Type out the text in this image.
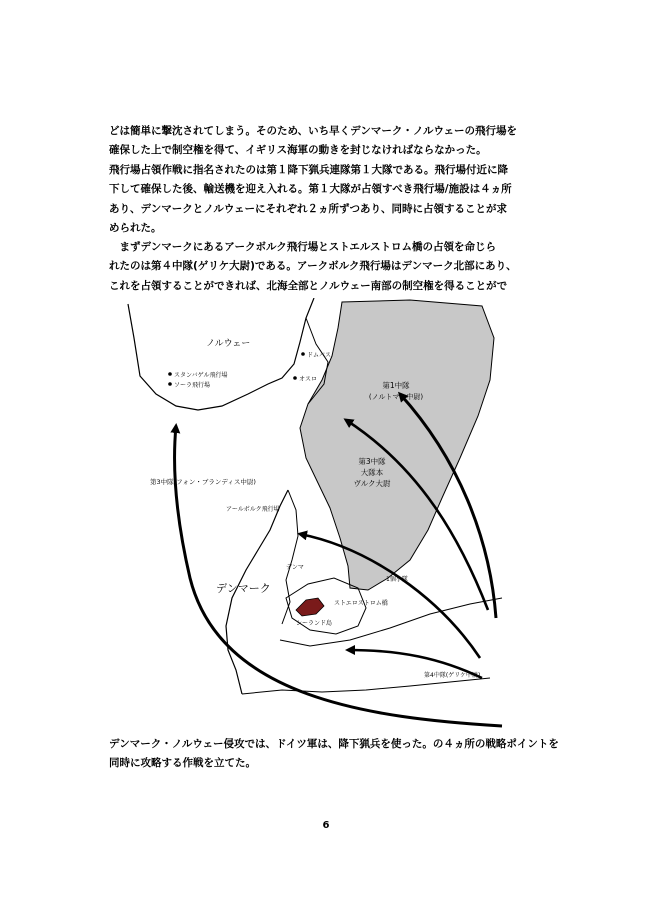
どは簡単に撃沈されてしまう。そのため、いち早くデンマーク・ノルウェーの飛行場を
確保した上で制空権を得て、イギリス海軍の動きを封じなければならなかった。
飛行場占領作戦に指名されたのは第１降下猟兵連隊第１大隊である。飛行場付近に降
下して確保した後、輸送機を迎え入れる。第１大隊が占領すべき飛行場/施設は４ヵ所
あり、デンマークとノルウェーにそれぞれ２ヵ所ずつあり、同時に占領することが求
められた。
　まずデンマークにあるアークボルク飛行場とストエルストロム橋の占領を命じら
れたのは第４中隊(ゲリケ大尉)である。アークボルク飛行場はデンマーク北部にあり、
これを占領することができれば、北海全部とノルウェー南部の制空権を得ることがで
ノルウェー
ドムバス
オスロ
スタンバゲル飛行場
ソーラ飛行場	第1中隊
(ノルトマン中尉)
第3中隊
大隊本
ヴルク大尉
第3中隊(フォン・ブランディス中尉)
アールボルク飛行場
デンマーク
デンマ
1個小隊
ストエロストロム橋
シーランド島
第4中隊(ゲリケ中尉)
デンマーク・ノルウェー侵攻では、ドイツ軍は、降下猟兵を使った。の４ヵ所の戦略ポイントを
同時に攻略する作戦を立てた。
6
